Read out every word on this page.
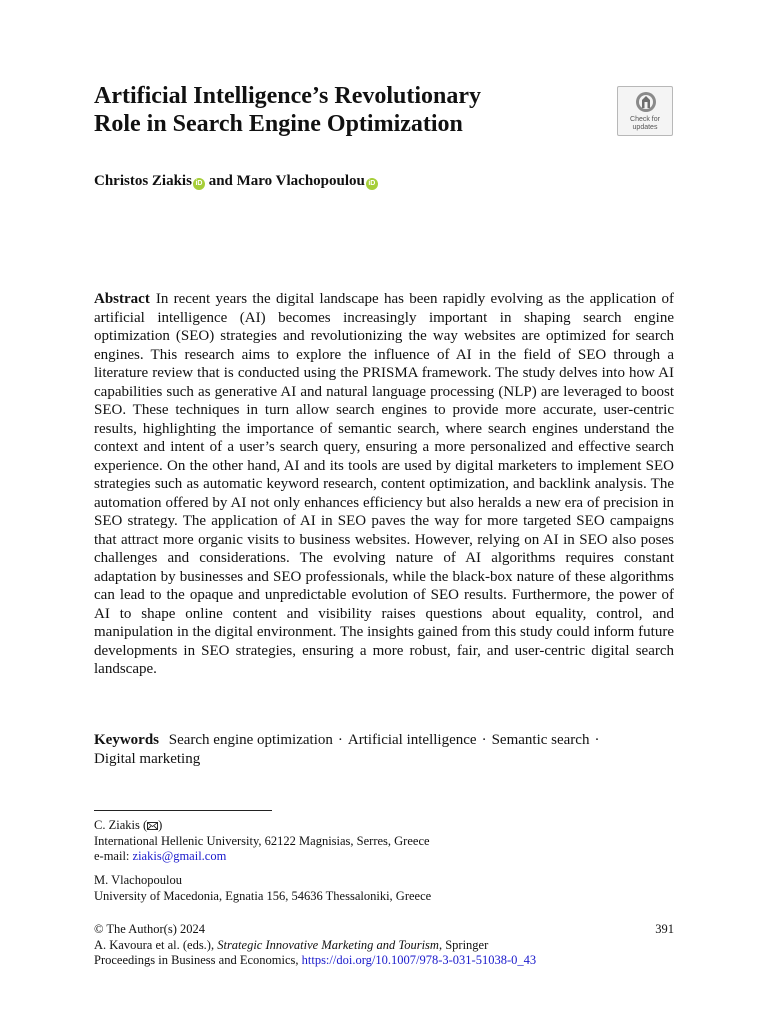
Artificial Intelligence’s Revolutionary
Role in Search Engine Optimization	Check for
updates
Christos Ziakis iD and Maro Vlachopoulou iD

Abstract In recent years the digital landscape has been rapidly evolving as the application of artificial intelligence (AI) becomes increasingly important in shaping search engine optimization (SEO) strategies and revolutionizing the way websites are optimized for search engines. This research aims to explore the influence of AI in the field of SEO through a literature review that is conducted using the PRISMA framework. The study delves into how AI capabilities such as generative AI and natural language processing (NLP) are leveraged to boost SEO. These techniques in turn allow search engines to provide more accurate, user-centric results, highlighting the importance of semantic search, where search engines understand the context and intent of a user’s search query, ensuring a more personalized and effective search experience. On the other hand, AI and its tools are used by digital marketers to implement SEO strategies such as automatic keyword research, content optimization, and backlink analysis. The automation offered by AI not only enhances efficiency but also heralds a new era of precision in SEO strategy. The application of AI in SEO paves the way for more targeted SEO campaigns that attract more organic visits to business websites. However, relying on AI in SEO also poses challenges and considerations. The evolving nature of AI algorithms requires constant adaptation by businesses and SEO professionals, while the black-box nature of these algorithms can lead to the opaque and unpredictable evolution of SEO results. Furthermore, the power of AI to shape online content and visibility raises questions about equality, control, and manipulation in the digital environment. The insights gained from this study could inform future developments in SEO strategies, ensuring a more robust, fair, and user-centric digital search landscape.

Keywords Search engine optimization · Artificial intelligence · Semantic search ·
Digital marketing

C. Ziakis ( )
International Hellenic University, 62122 Magnisias, Serres, Greece
e-mail: ziakis@gmail.com
M. Vlachopoulou
University of Macedonia, Egnatia 156, 54636 Thessaloniki, Greece
391
© The Author(s) 2024
A. Kavoura et al. (eds.), Strategic Innovative Marketing and Tourism, Springer
Proceedings in Business and Economics, https://doi.org/10.1007/978-3-031-51038-0_43
